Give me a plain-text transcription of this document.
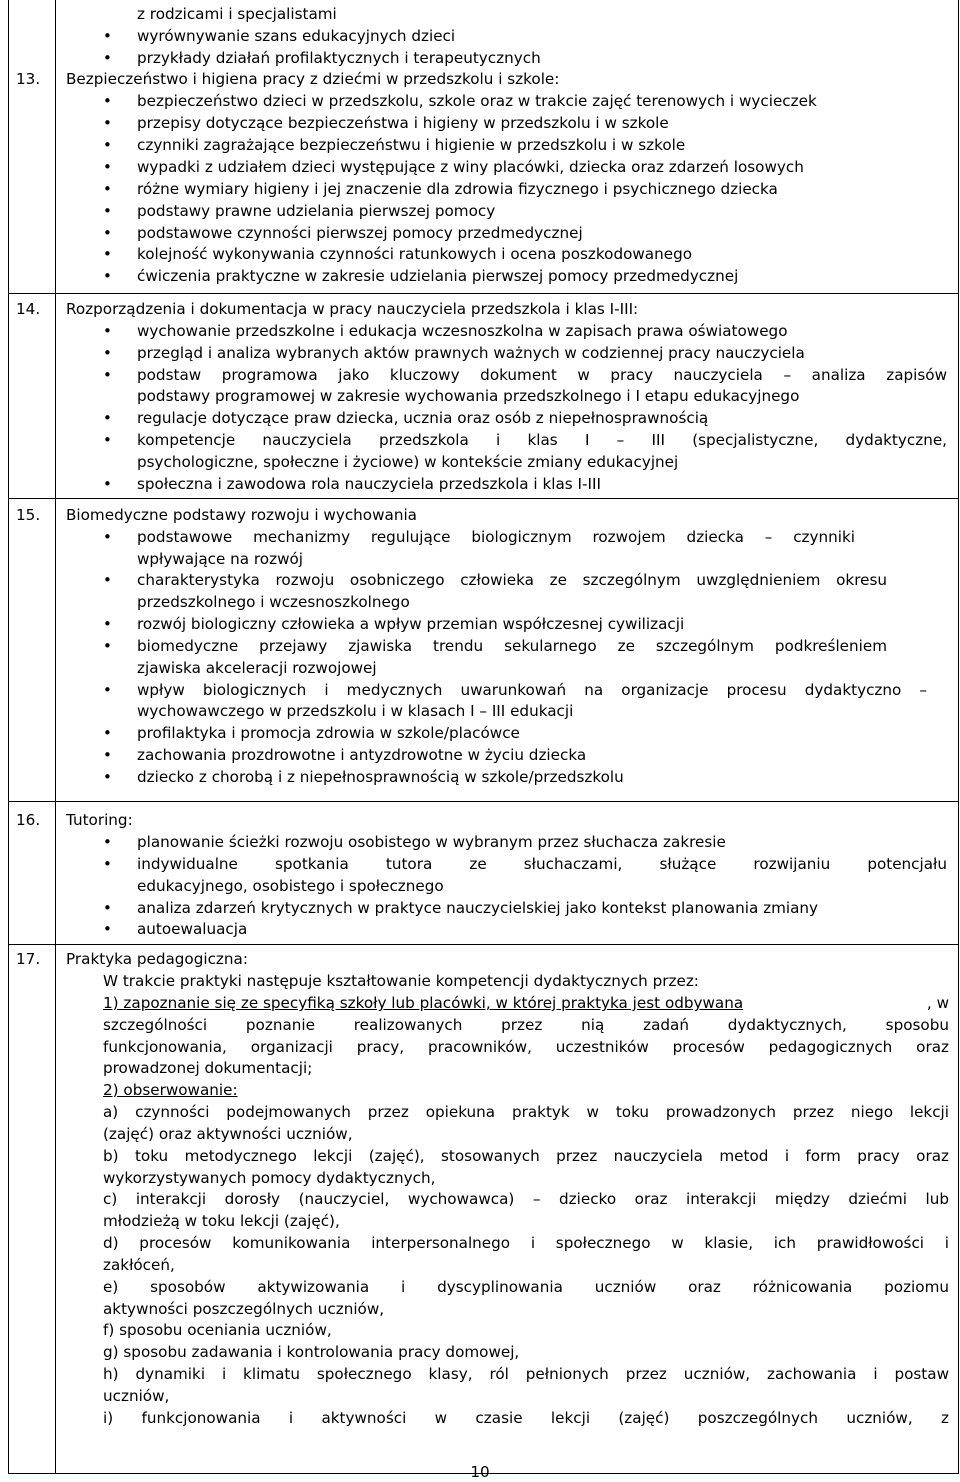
z rodzicami i specjalistami
• wyrównywanie szans edukacyjnych dzieci
• przykłady działań profilaktycznych i terapeutycznych
13. Bezpieczeństwo i higiena pracy z dziećmi w przedszkolu i szkole:
• bezpieczeństwo dzieci w przedszkolu, szkole oraz w trakcie zajęć terenowych i wycieczek
• przepisy dotyczące bezpieczeństwa i higieny w przedszkolu i w szkole
• czynniki zagrażające bezpieczeństwu i higienie w przedszkolu i w szkole
• wypadki z udziałem dzieci występujące z winy placówki, dziecka oraz zdarzeń losowych
• różne wymiary higieny i jej znaczenie dla zdrowia fizycznego i psychicznego dziecka
• podstawy prawne udzielania pierwszej pomocy
• podstawowe czynności pierwszej pomocy przedmedycznej
• kolejność wykonywania czynności ratunkowych i ocena poszkodowanego
• ćwiczenia praktyczne w zakresie udzielania pierwszej pomocy przedmedycznej
14. Rozporządzenia i dokumentacja w pracy nauczyciela przedszkola i klas I-III:
• wychowanie przedszkolne i edukacja wczesnoszkolna w zapisach prawa oświatowego
• przegląd i analiza wybranych aktów prawnych ważnych w codziennej pracy nauczyciela
• podstaw programowa jako kluczowy dokument w pracy nauczyciela – analiza zapisów
podstawy programowej w zakresie wychowania przedszkolnego i I etapu edukacyjnego
• regulacje dotyczące praw dziecka, ucznia oraz osób z niepełnosprawnością
• kompetencje nauczyciela przedszkola i klas I – III (specjalistyczne, dydaktyczne,
psychologiczne, społeczne i życiowe) w kontekście zmiany edukacyjnej
• społeczna i zawodowa rola nauczyciela przedszkola i klas I-III
15. Biomedyczne podstawy rozwoju i wychowania
• podstawowe mechanizmy regulujące biologicznym rozwojem dziecka – czynniki
wpływające na rozwój
• charakterystyka rozwoju osobniczego człowieka ze szczególnym uwzględnieniem okresu
przedszkolnego i wczesnoszkolnego
• rozwój biologiczny człowieka a wpływ przemian współczesnej cywilizacji
• biomedyczne przejawy zjawiska trendu sekularnego ze szczególnym podkreśleniem
zjawiska akceleracji rozwojowej
• wpływ biologicznych i medycznych uwarunkowań na organizacje procesu dydaktyczno –
wychowawczego w przedszkolu i w klasach I – III edukacji
• profilaktyka i promocja zdrowia w szkole/placówce
• zachowania prozdrowotne i antyzdrowotne w życiu dziecka
• dziecko z chorobą i z niepełnosprawnością w szkole/przedszkolu
16. Tutoring:
• planowanie ścieżki rozwoju osobistego w wybranym przez słuchacza zakresie
• indywidualne spotkania tutora ze słuchaczami, służące rozwijaniu potencjału
edukacyjnego, osobistego i społecznego
• analiza zdarzeń krytycznych w praktyce nauczycielskiej jako kontekst planowania zmiany
• autoewaluacja
17. Praktyka pedagogiczna:
W trakcie praktyki następuje kształtowanie kompetencji dydaktycznych przez:
1) zapoznanie się ze specyfiką szkoły lub placówki, w której praktyka jest odbywana	, w
szczególności poznanie realizowanych przez nią zadań dydaktycznych, sposobu
funkcjonowania, organizacji pracy, pracowników, uczestników procesów pedagogicznych oraz
prowadzonej dokumentacji;
2) obserwowanie:
a) czynności podejmowanych przez opiekuna praktyk w toku prowadzonych przez niego lekcji
(zajęć) oraz aktywności uczniów,
b) toku metodycznego lekcji (zajęć), stosowanych przez nauczyciela metod i form pracy oraz
wykorzystywanych pomocy dydaktycznych,
c) interakcji dorosły (nauczyciel, wychowawca) – dziecko oraz interakcji między dziećmi lub
młodzieżą w toku lekcji (zajęć),
d) procesów komunikowania interpersonalnego i społecznego w klasie, ich prawidłowości i
zakłóceń,
e) sposobów aktywizowania i dyscyplinowania uczniów oraz różnicowania poziomu
aktywności poszczególnych uczniów,
f) sposobu oceniania uczniów,
g) sposobu zadawania i kontrolowania pracy domowej,
h) dynamiki i klimatu społecznego klasy, ról pełnionych przez uczniów, zachowania i postaw
uczniów,
i) funkcjonowania i aktywności w czasie lekcji (zajęć) poszczególnych uczniów, z
10
